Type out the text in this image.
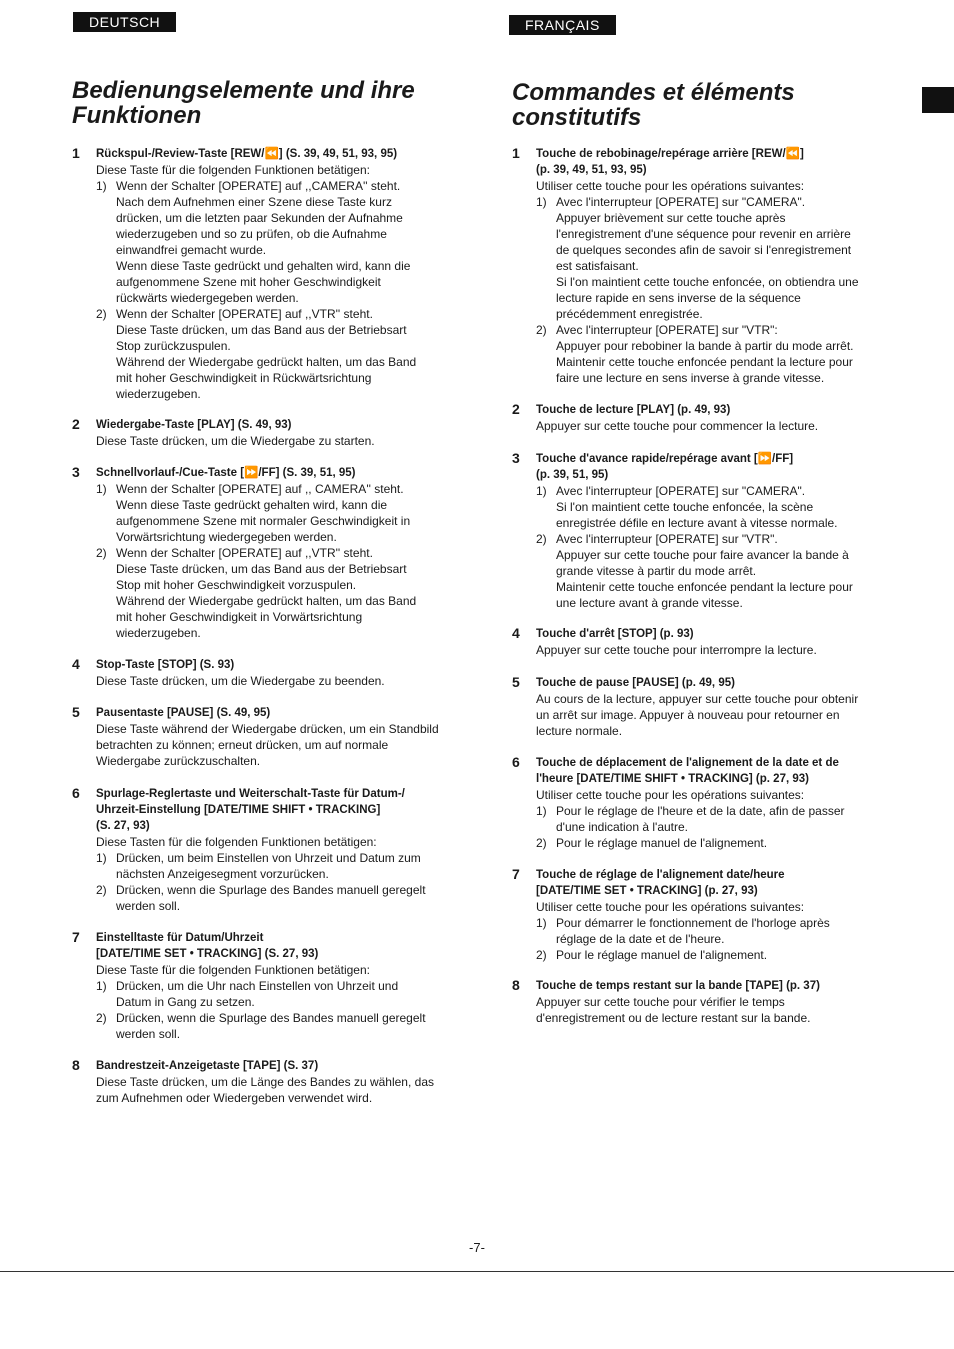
DEUTSCH	FRANÇAIS
Bedienungselemente und ihre
Funktionen
1 Rückspul-/Review-Taste [REW/⏪] (S. 39, 49, 51, 93, 95)
Diese Taste für die folgenden Funktionen betätigen:
1) Wenn der Schalter [OPERATE] auf ,,CAMERA'' steht.
Nach dem Aufnehmen einer Szene diese Taste kurz
drücken, um die letzten paar Sekunden der Aufnahme
wiederzugeben und so zu prüfen, ob die Aufnahme
einwandfrei gemacht wurde.
Wenn diese Taste gedrückt und gehalten wird, kann die
aufgenommene Szene mit hoher Geschwindigkeit
rückwärts wiedergegeben werden.
2) Wenn der Schalter [OPERATE] auf ,,VTR'' steht.
Diese Taste drücken, um das Band aus der Betriebsart
Stop zurückzuspulen.
Während der Wiedergabe gedrückt halten, um das Band
mit hoher Geschwindigkeit in Rückwärtsrichtung
wiederzugeben.
2 Wiedergabe-Taste [PLAY] (S. 49, 93)
Diese Taste drücken, um die Wiedergabe zu starten.
3 Schnellvorlauf-/Cue-Taste [⏩/FF] (S. 39, 51, 95)
1) Wenn der Schalter [OPERATE] auf ,, CAMERA'' steht.
Wenn diese Taste gedrückt gehalten wird, kann die
aufgenommene Szene mit normaler Geschwindigkeit in
Vorwärtsrichtung wiedergegeben werden.
2) Wenn der Schalter [OPERATE] auf ,,VTR'' steht.
Diese Taste drücken, um das Band aus der Betriebsart
Stop mit hoher Geschwindigkeit vorzuspulen.
Während der Wiedergabe gedrückt halten, um das Band
mit hoher Geschwindigkeit in Vorwärtsrichtung
wiederzugeben.
4 Stop-Taste [STOP] (S. 93)
Diese Taste drücken, um die Wiedergabe zu beenden.
5 Pausentaste [PAUSE] (S. 49, 95)
Diese Taste während der Wiedergabe drücken, um ein Standbild betrachten zu können; erneut drücken, um auf normale Wiedergabe zurückzuschalten.
6 Spurlage-Reglertaste und Weiterschalt-Taste für Datum-/
Uhrzeit-Einstellung [DATE/TIME SHIFT • TRACKING]
(S. 27, 93)
Diese Tasten für die folgenden Funktionen betätigen:
1) Drücken, um beim Einstellen von Uhrzeit und Datum zum
nächsten Anzeigesegment vorzurücken.
2) Drücken, wenn die Spurlage des Bandes manuell geregelt
werden soll.
7 Einstelltaste für Datum/Uhrzeit
[DATE/TIME SET • TRACKING] (S. 27, 93)
Diese Taste für die folgenden Funktionen betätigen:
1) Drücken, um die Uhr nach Einstellen von Uhrzeit und
Datum in Gang zu setzen.
2) Drücken, wenn die Spurlage des Bandes manuell geregelt
werden soll.
8 Bandrestzeit-Anzeigetaste [TAPE] (S. 37)
Diese Taste drücken, um die Länge des Bandes zu wählen, das zum Aufnehmen oder Wiedergeben verwendet wird.
Commandes et éléments
constitutifs
1 Touche de rebobinage/repérage arrière [REW/⏪]
(p. 39, 49, 51, 93, 95)
Utiliser cette touche pour les opérations suivantes:
1) Avec l'interrupteur [OPERATE] sur "CAMERA".
Appuyer brièvement sur cette touche après
l'enregistrement d'une séquence pour revenir en arrière
de quelques secondes afin de savoir si l'enregistrement
est satisfaisant.
Si l'on maintient cette touche enfoncée, on obtiendra une
lecture rapide en sens inverse de la séquence
précédemment enregistrée.
2) Avec l'interrupteur [OPERATE] sur "VTR":
Appuyer pour rebobiner la bande à partir du mode arrêt.
Maintenir cette touche enfoncée pendant la lecture pour
faire une lecture en sens inverse à grande vitesse.
2 Touche de lecture [PLAY] (p. 49, 93)
Appuyer sur cette touche pour commencer la lecture.
3 Touche d'avance rapide/repérage avant [⏩/FF]
(p. 39, 51, 95)
1) Avec l'interrupteur [OPERATE] sur "CAMERA".
Si l'on maintient cette touche enfoncée, la scène
enregistrée défile en lecture avant à vitesse normale.
2) Avec l'interrupteur [OPERATE] sur "VTR".
Appuyer sur cette touche pour faire avancer la bande à
grande vitesse à partir du mode arrêt.
Maintenir cette touche enfoncée pendant la lecture pour
une lecture avant à grande vitesse.
4 Touche d'arrêt [STOP] (p. 93)
Appuyer sur cette touche pour interrompre la lecture.
5 Touche de pause [PAUSE] (p. 49, 95)
Au cours de la lecture, appuyer sur cette touche pour obtenir un arrêt sur image. Appuyer à nouveau pour retourner en lecture normale.
6 Touche de déplacement de l'alignement de la date et de
l'heure [DATE/TIME SHIFT • TRACKING] (p. 27, 93)
Utiliser cette touche pour les opérations suivantes:
1) Pour le réglage de l'heure et de la date, afin de passer
d'une indication à l'autre.
2) Pour le réglage manuel de l'alignement.
7 Touche de réglage de l'alignement date/heure
[DATE/TIME SET • TRACKING] (p. 27, 93)
Utiliser cette touche pour les opérations suivantes:
1) Pour démarrer le fonctionnement de l'horloge après
réglage de la date et de l'heure.
2) Pour le réglage manuel de l'alignement.
8 Touche de temps restant sur la bande [TAPE] (p. 37)
Appuyer sur cette touche pour vérifier le temps d'enregistrement ou de lecture restant sur la bande.
-7-
